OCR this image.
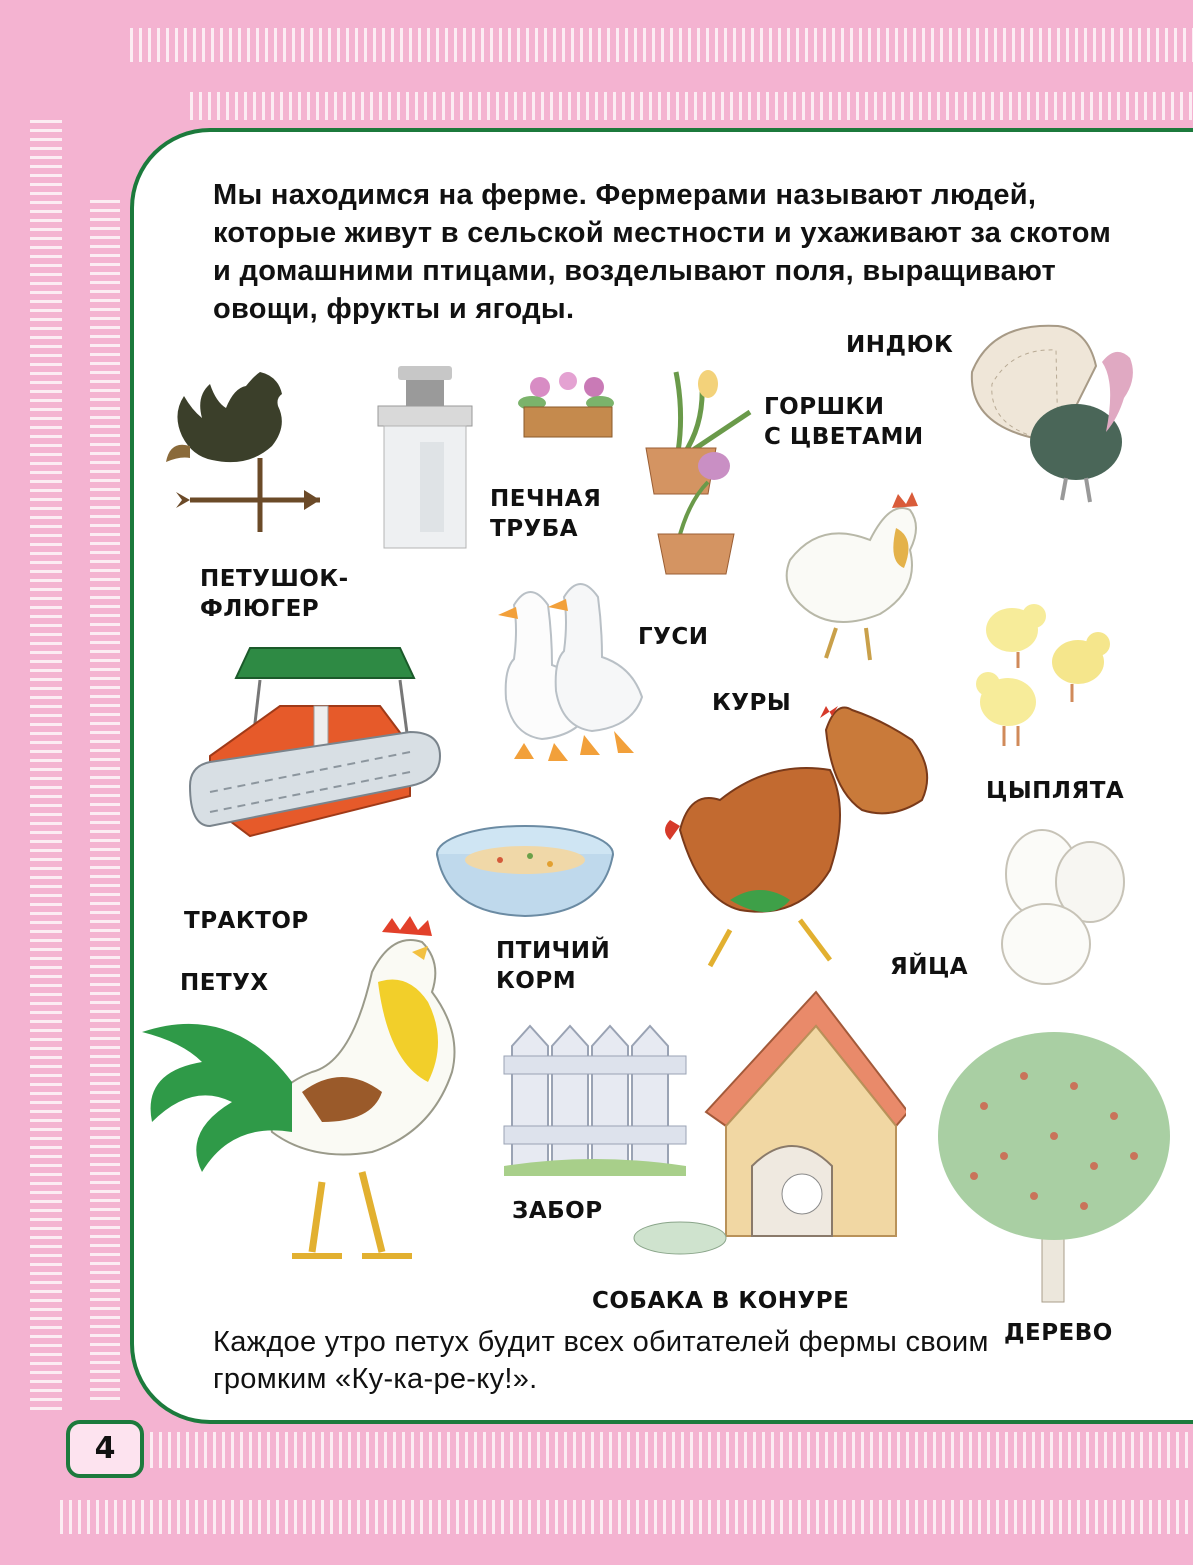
Мы находимся на ферме. Фермерами называют людей, которые живут в сельской местности и ухаживают за скотом и домашними птицами, возделывают поля, выращивают овощи, фрукты и ягоды.

ПЕТУШОК-
ФЛЮГЕР
ПЕЧНАЯ
ТРУБА
ГОРШКИ
С ЦВЕТАМИ
ИНДЮК
ГУСИ
ТРАКТОР
КУРЫ
ЦЫПЛЯТА
ПТИЧИЙ
КОРМ
ЯЙЦА
ПЕТУХ
ЗАБОР
СОБАКА В КОНУРЕ
ДЕРЕВО

Каждое утро петух будит всех обитателей фермы своим громким «Ку-ка-ре-ку!».

4
